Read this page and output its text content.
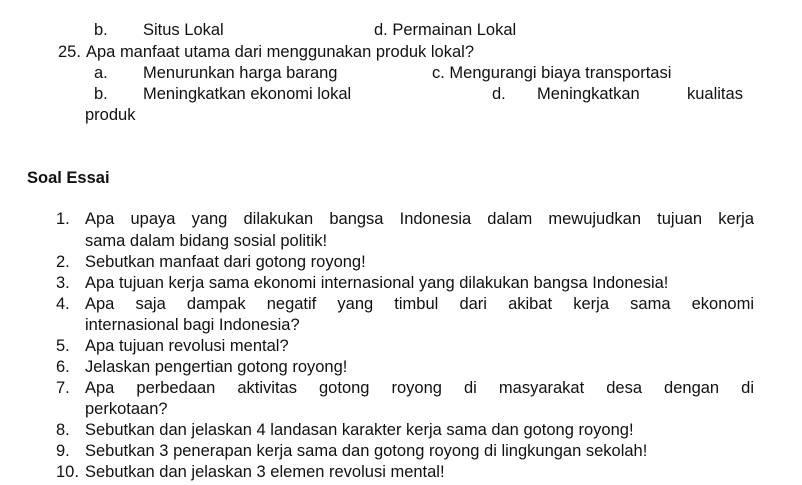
b. Situs Lokal	d. Permainan Lokal
25. Apa manfaat utama dari menggunakan produk lokal?
a. Menurunkan harga barang	c. Mengurangi biaya transportasi
b. Meningkatkan ekonomi lokal	d. Meningkatkan	kualitas
produk
Soal Essai
1. Apa upaya yang dilakukan bangsa Indonesia dalam mewujudkan tujuan kerja
sama dalam bidang sosial politik!
2. Sebutkan manfaat dari gotong royong!
3. Apa tujuan kerja sama ekonomi internasional yang dilakukan bangsa Indonesia!
4. Apa saja dampak negatif yang timbul dari akibat kerja sama ekonomi
internasional bagi Indonesia?
5. Apa tujuan revolusi mental?
6. Jelaskan pengertian gotong royong!
7. Apa perbedaan aktivitas gotong royong di masyarakat desa dengan di
perkotaan?
8. Sebutkan dan jelaskan 4 landasan karakter kerja sama dan gotong royong!
9. Sebutkan 3 penerapan kerja sama dan gotong royong di lingkungan sekolah!
10. Sebutkan dan jelaskan 3 elemen revolusi mental!
